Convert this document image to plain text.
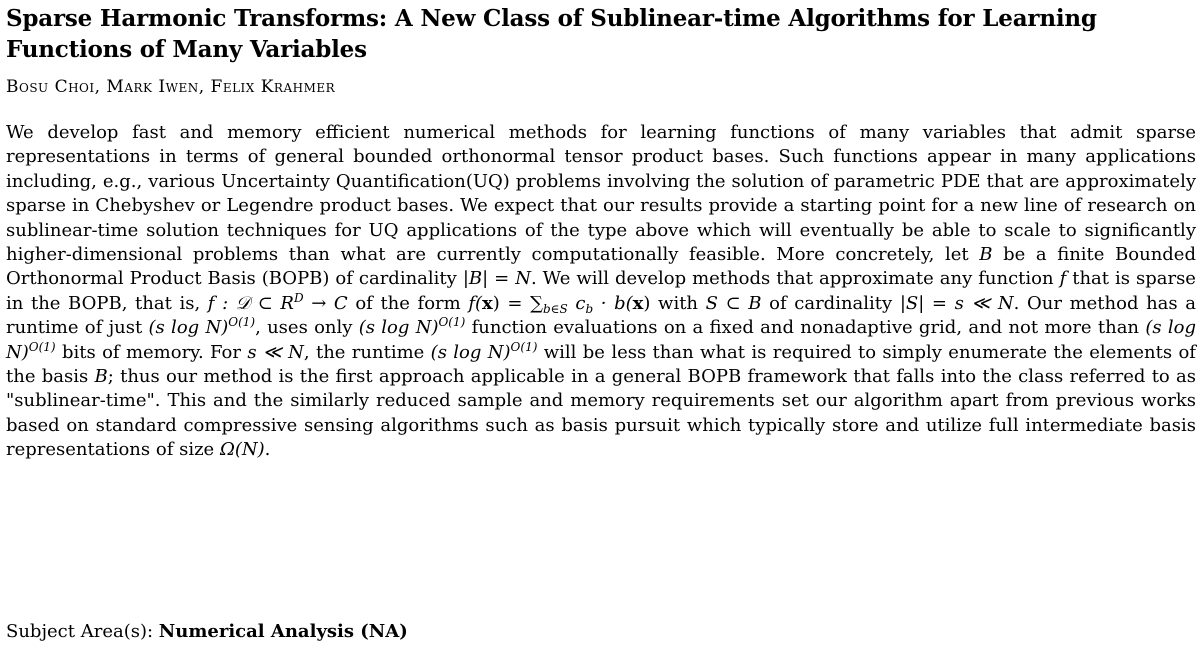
Sparse Harmonic Transforms: A New Class of Sublinear-time Algorithms for Learning Functions of Many Variables
Bosu Choi, Mark Iwen, Felix Krahmer
We develop fast and memory efficient numerical methods for learning functions of many variables that admit sparse representations in terms of general bounded orthonormal tensor product bases. Such functions appear in many applications including, e.g., various Uncertainty Quantification(UQ) problems involving the solution of parametric PDE that are approximately sparse in Chebyshev or Legendre product bases. We expect that our results provide a starting point for a new line of research on sublinear-time solution techniques for UQ applications of the type above which will eventually be able to scale to significantly higher-dimensional problems than what are currently computationally feasible. More concretely, let B be a finite Bounded Orthonormal Product Basis (BOPB) of cardinality |B| = N. We will develop methods that approximate any function f that is sparse in the BOPB, that is, f : 𝒟 ⊂ $R^D \to C$ of the form $f(x) = \sum_{b\in S}$ $c_b \cdot b(x)$ with S ⊂ B of cardinality |S| = s ≪ N. Our method has a runtime of just (s log N)$^{O(1)}$, uses only (s log N)$^{O(1)}$ function evaluations on a fixed and nonadaptive grid, and not more than (s log N)$^{O(1)}$ bits of memory. For s ≪ N, the runtime (s log N)$^{O(1)}$ will be less than what is required to simply enumerate the elements of the basis B; thus our method is the first approach applicable in a general BOPB framework that falls into the class referred to as "sublinear-time". This and the similarly reduced sample and memory requirements set our algorithm apart from previous works based on standard compressive sensing algorithms such as basis pursuit which typically store and utilize full intermediate basis representations of size Ω(N).
Subject Area(s): Numerical Analysis (NA)
